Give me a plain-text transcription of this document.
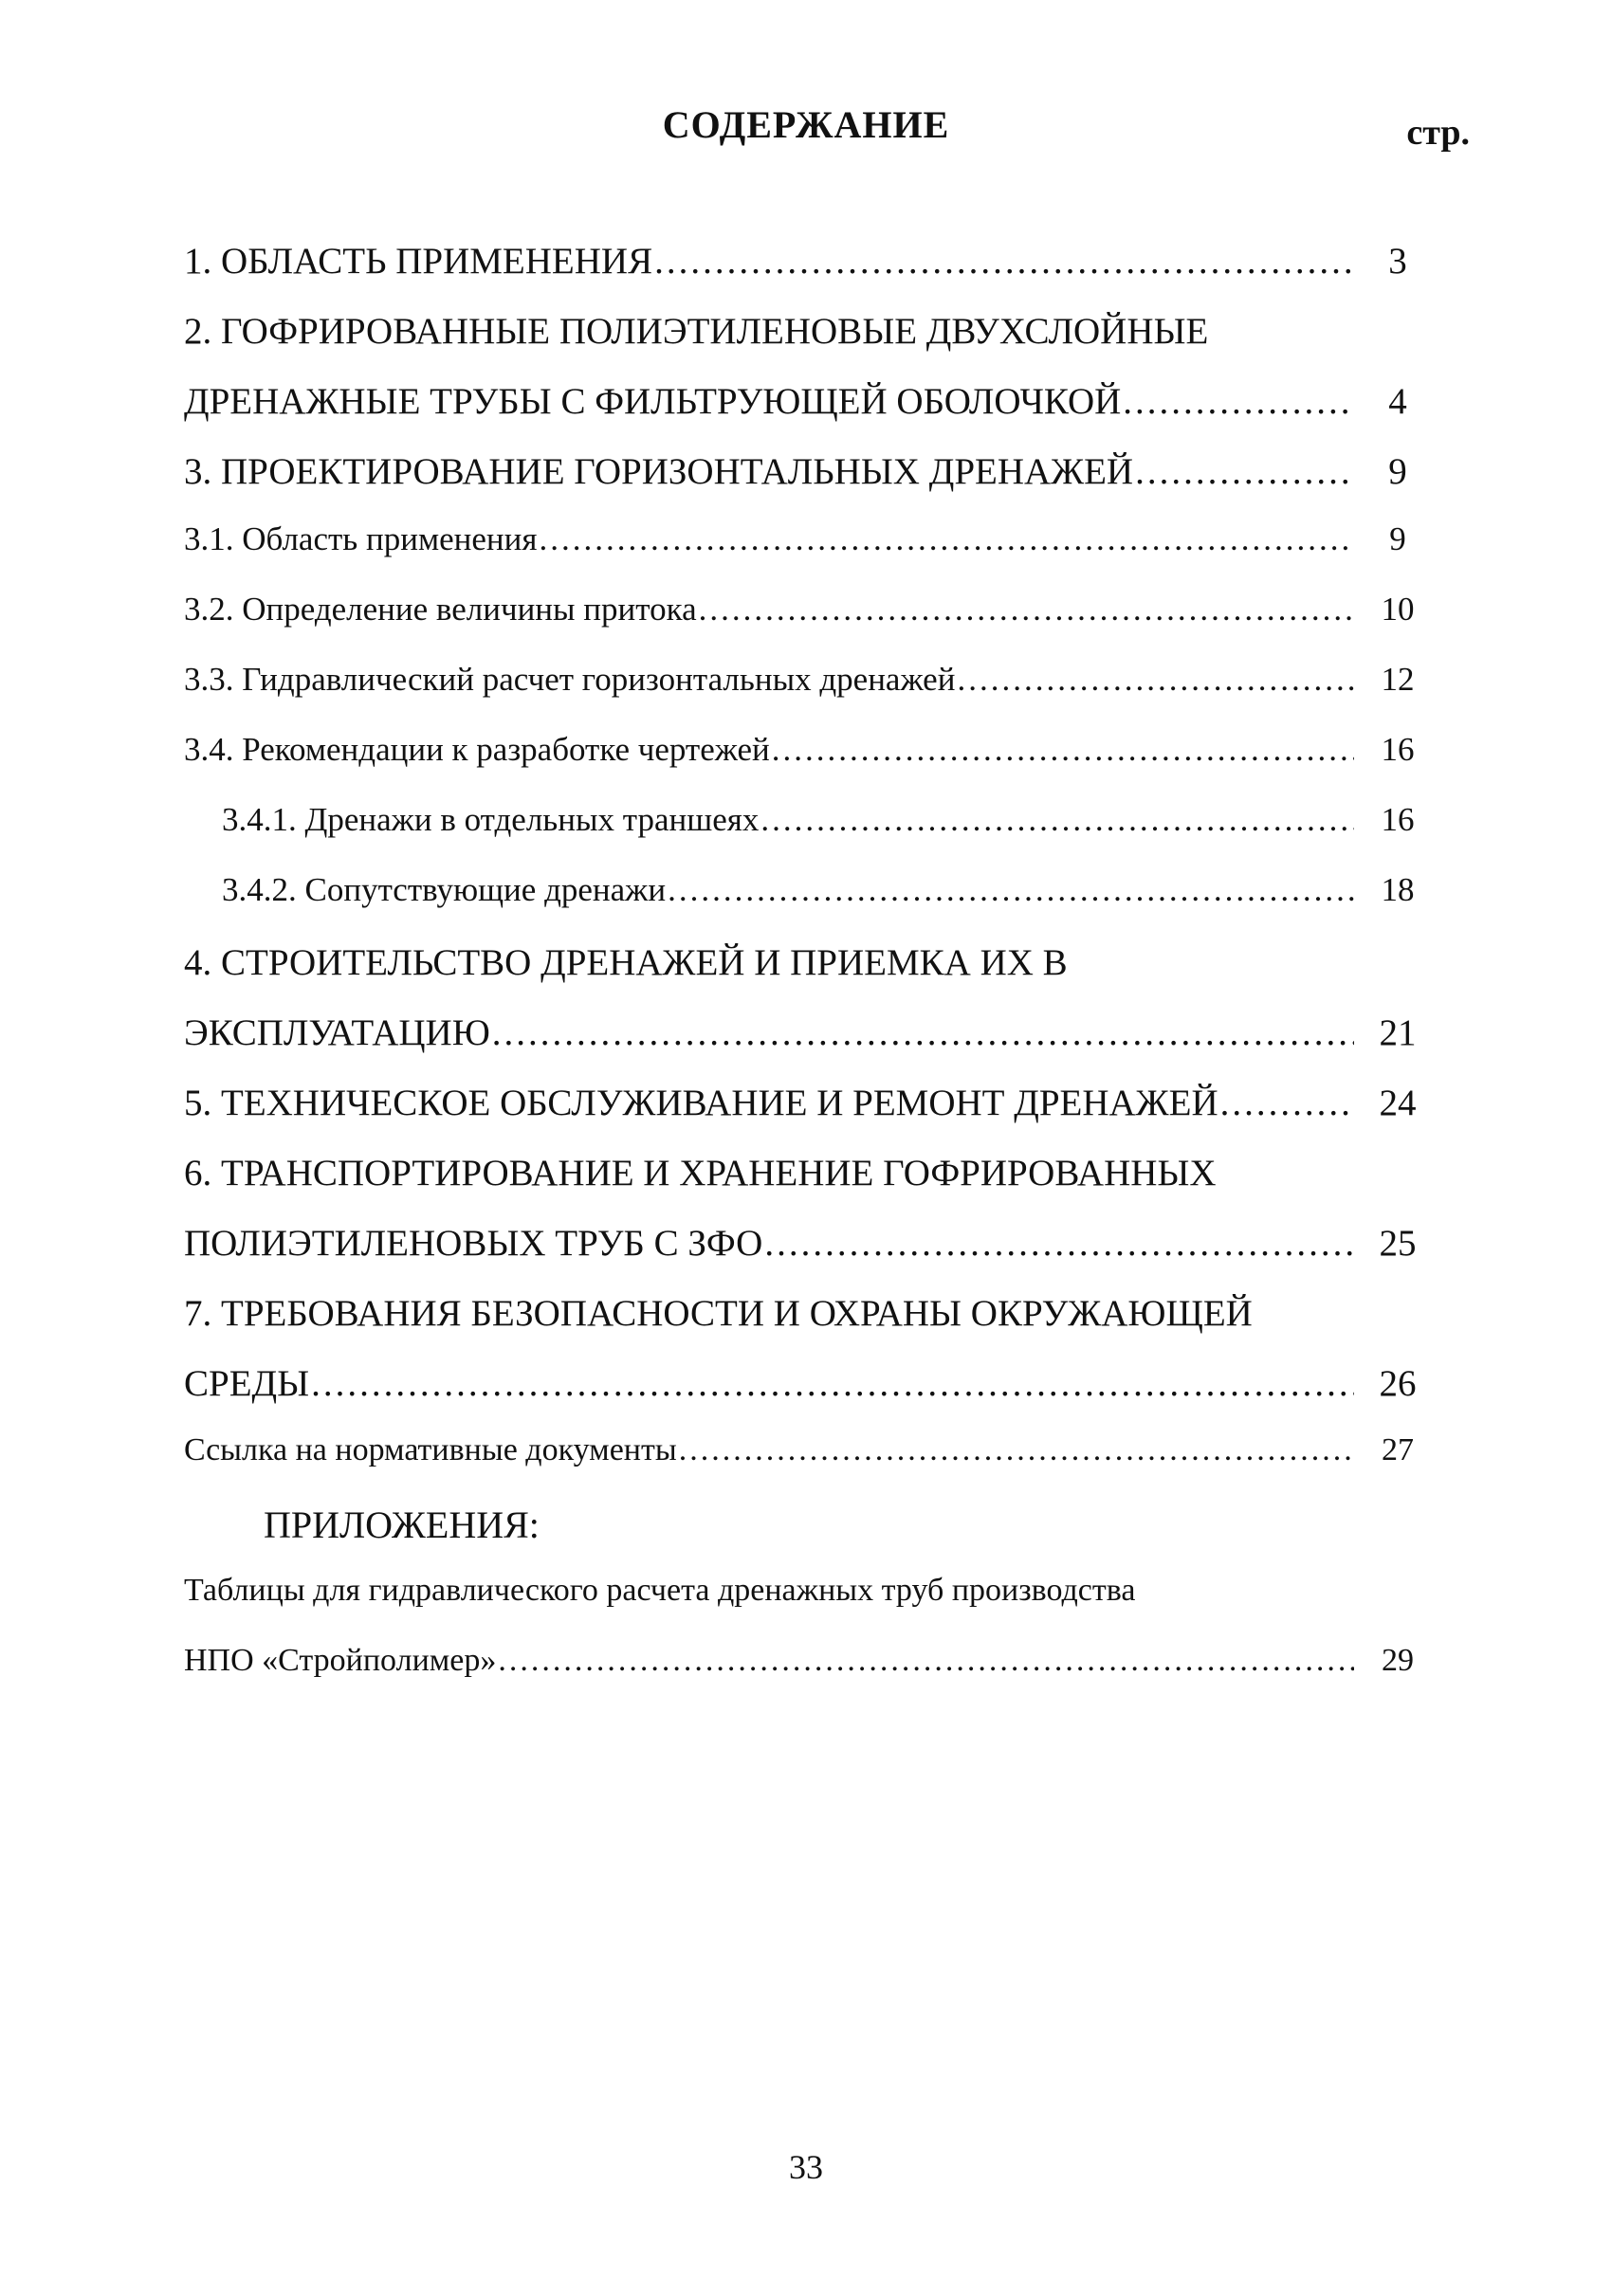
СОДЕРЖАНИЕ	стр.
1. ОБЛАСТЬ ПРИМЕНЕНИЯ .....	3
2. ГОФРИРОВАННЫЕ ПОЛИЭТИЛЕНОВЫЕ ДВУХСЛОЙНЫЕ
ДРЕНАЖНЫЕ ТРУБЫ С ФИЛЬТРУЮЩЕЙ ОБОЛОЧКОЙ .....	4
3. ПРОЕКТИРОВАНИЕ ГОРИЗОНТАЛЬНЫХ ДРЕНАЖЕЙ .....	9
3.1. Область применения .....	9
3.2. Определение величины притока .....	10
3.3. Гидравлический расчет горизонтальных дренажей .....	12
3.4. Рекомендации к разработке чертежей .....	16
3.4.1. Дренажи в отдельных траншеях .....	16
3.4.2. Сопутствующие дренажи .....	18
4. СТРОИТЕЛЬСТВО ДРЕНАЖЕЙ И ПРИЕМКА ИХ В
ЭКСПЛУАТАЦИЮ .....	21
5. ТЕХНИЧЕСКОЕ ОБСЛУЖИВАНИЕ И РЕМОНТ ДРЕНАЖЕЙ .....	24
6. ТРАНСПОРТИРОВАНИЕ И ХРАНЕНИЕ ГОФРИРОВАННЫХ
ПОЛИЭТИЛЕНОВЫХ ТРУБ С ЗФО .....	25
7. ТРЕБОВАНИЯ БЕЗОПАСНОСТИ И ОХРАНЫ ОКРУЖАЮЩЕЙ
СРЕДЫ .....	26
Ссылка на нормативные документы .....	27
ПРИЛОЖЕНИЯ:
Таблицы для гидравлического расчета дренажных труб производства
НПО «Стройполимер» .....	29
33
